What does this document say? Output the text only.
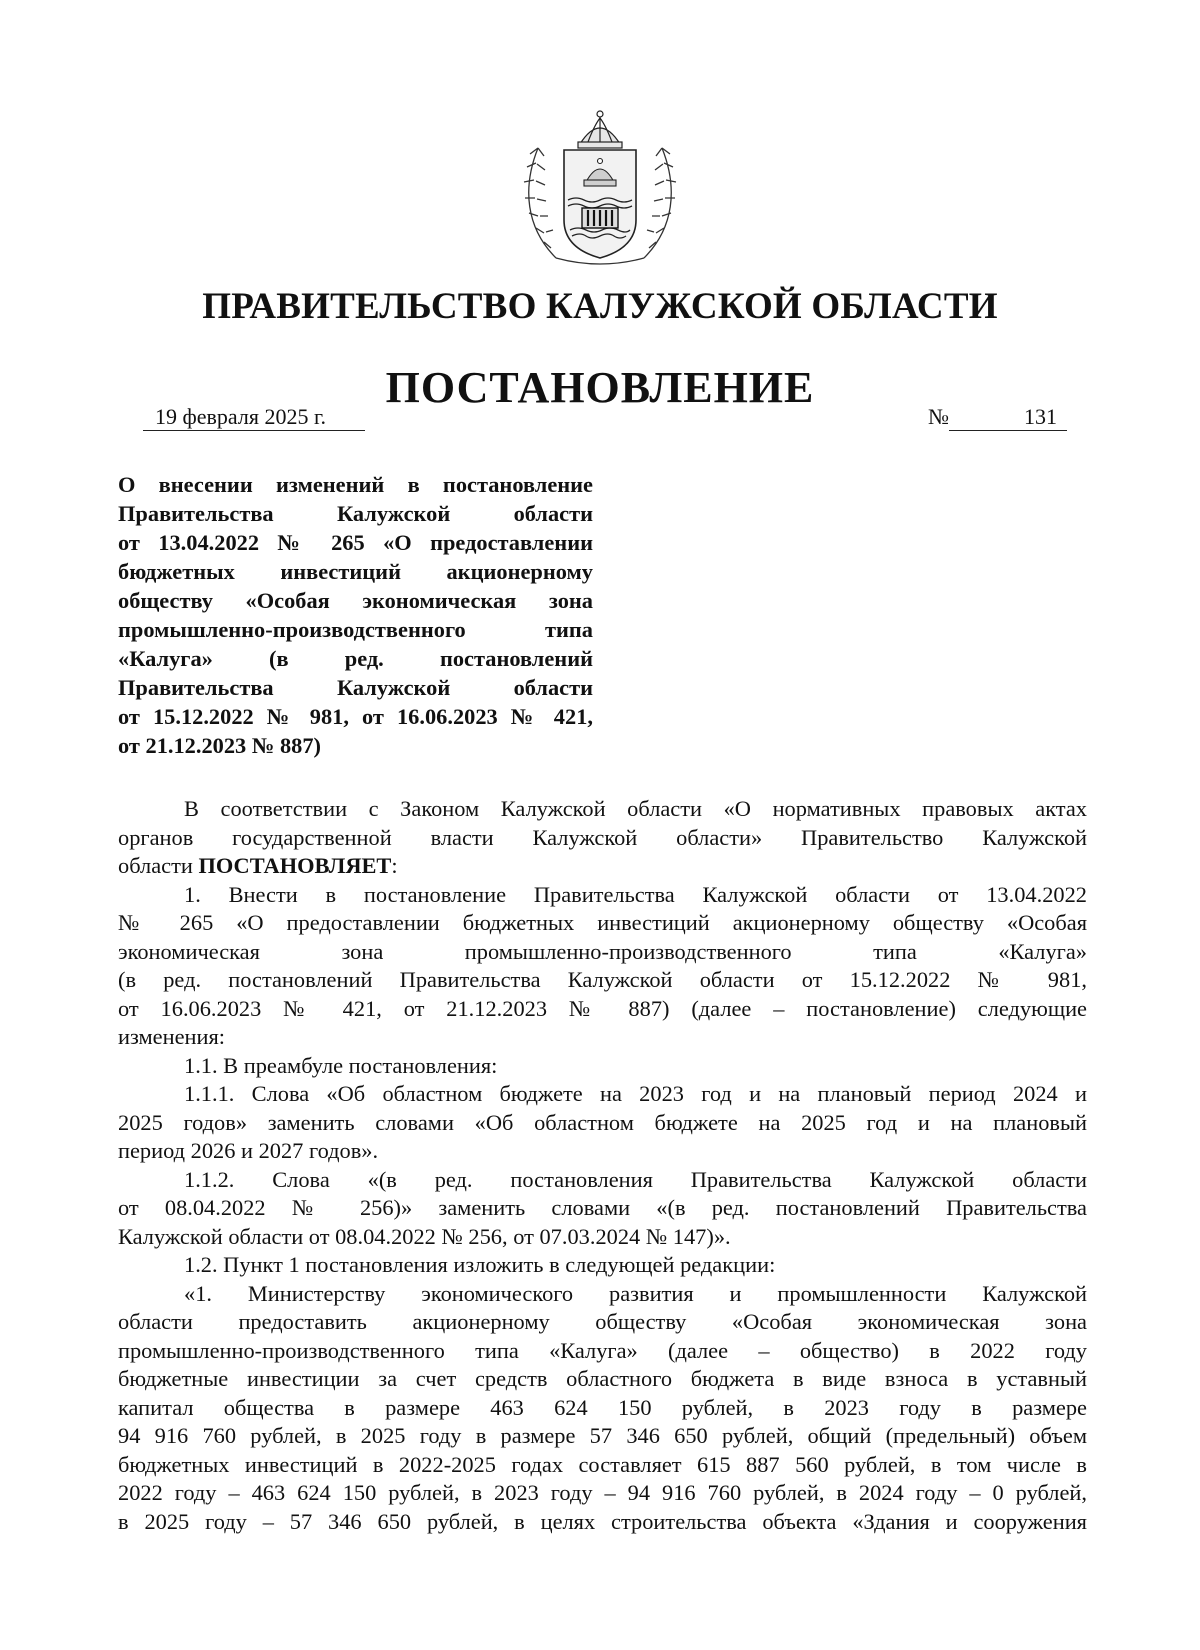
ПРАВИТЕЛЬСТВО КАЛУЖСКОЙ ОБЛАСТИ
ПОСТАНОВЛЕНИЕ
19 февраля 2025 г.	№	131

О внесении изменений в постановление

Правительства Калужской области

от 13.04.2022 № 265 «О предоставлении

бюджетных инвестиций акционерному

обществу «Особая экономическая зона

промышленно-производственного типа

«Калуга» (в ред. постановлений

Правительства Калужской области

от 15.12.2022 № 981, от 16.06.2023 № 421,

от 21.12.2023 № 887)

В соответствии с Законом Калужской области «О нормативных правовых актах

органов государственной власти Калужской области» Правительство Калужской

области ПОСТАНОВЛЯЕТ:

1. Внести в постановление Правительства Калужской области от 13.04.2022

№ 265 «О предоставлении бюджетных инвестиций акционерному обществу «Особая

экономическая зона промышленно-производственного типа «Калуга»

(в ред. постановлений Правительства Калужской области от 15.12.2022 № 981,

от 16.06.2023 № 421, от 21.12.2023 № 887) (далее – постановление) следующие

изменения:

1.1. В преамбуле постановления:

1.1.1. Слова «Об областном бюджете на 2023 год и на плановый период 2024 и

2025 годов» заменить словами «Об областном бюджете на 2025 год и на плановый

период 2026 и 2027 годов».

1.1.2. Слова «(в ред. постановления Правительства Калужской области

от 08.04.2022 № 256)» заменить словами «(в ред. постановлений Правительства

Калужской области от 08.04.2022 № 256, от 07.03.2024 № 147)».

1.2. Пункт 1 постановления изложить в следующей редакции:

«1. Министерству экономического развития и промышленности Калужской

области предоставить акционерному обществу «Особая экономическая зона

промышленно-производственного типа «Калуга» (далее – общество) в 2022 году

бюджетные инвестиции за счет средств областного бюджета в виде взноса в уставный

капитал общества в размере 463 624 150 рублей, в 2023 году в размере

94 916 760 рублей, в 2025 году в размере 57 346 650 рублей, общий (предельный) объем

бюджетных инвестиций в 2022-2025 годах составляет 615 887 560 рублей, в том числе в

2022 году – 463 624 150 рублей, в 2023 году – 94 916 760 рублей, в 2024 году – 0 рублей,

в 2025 году – 57 346 650 рублей, в целях строительства объекта «Здания и сооружения
